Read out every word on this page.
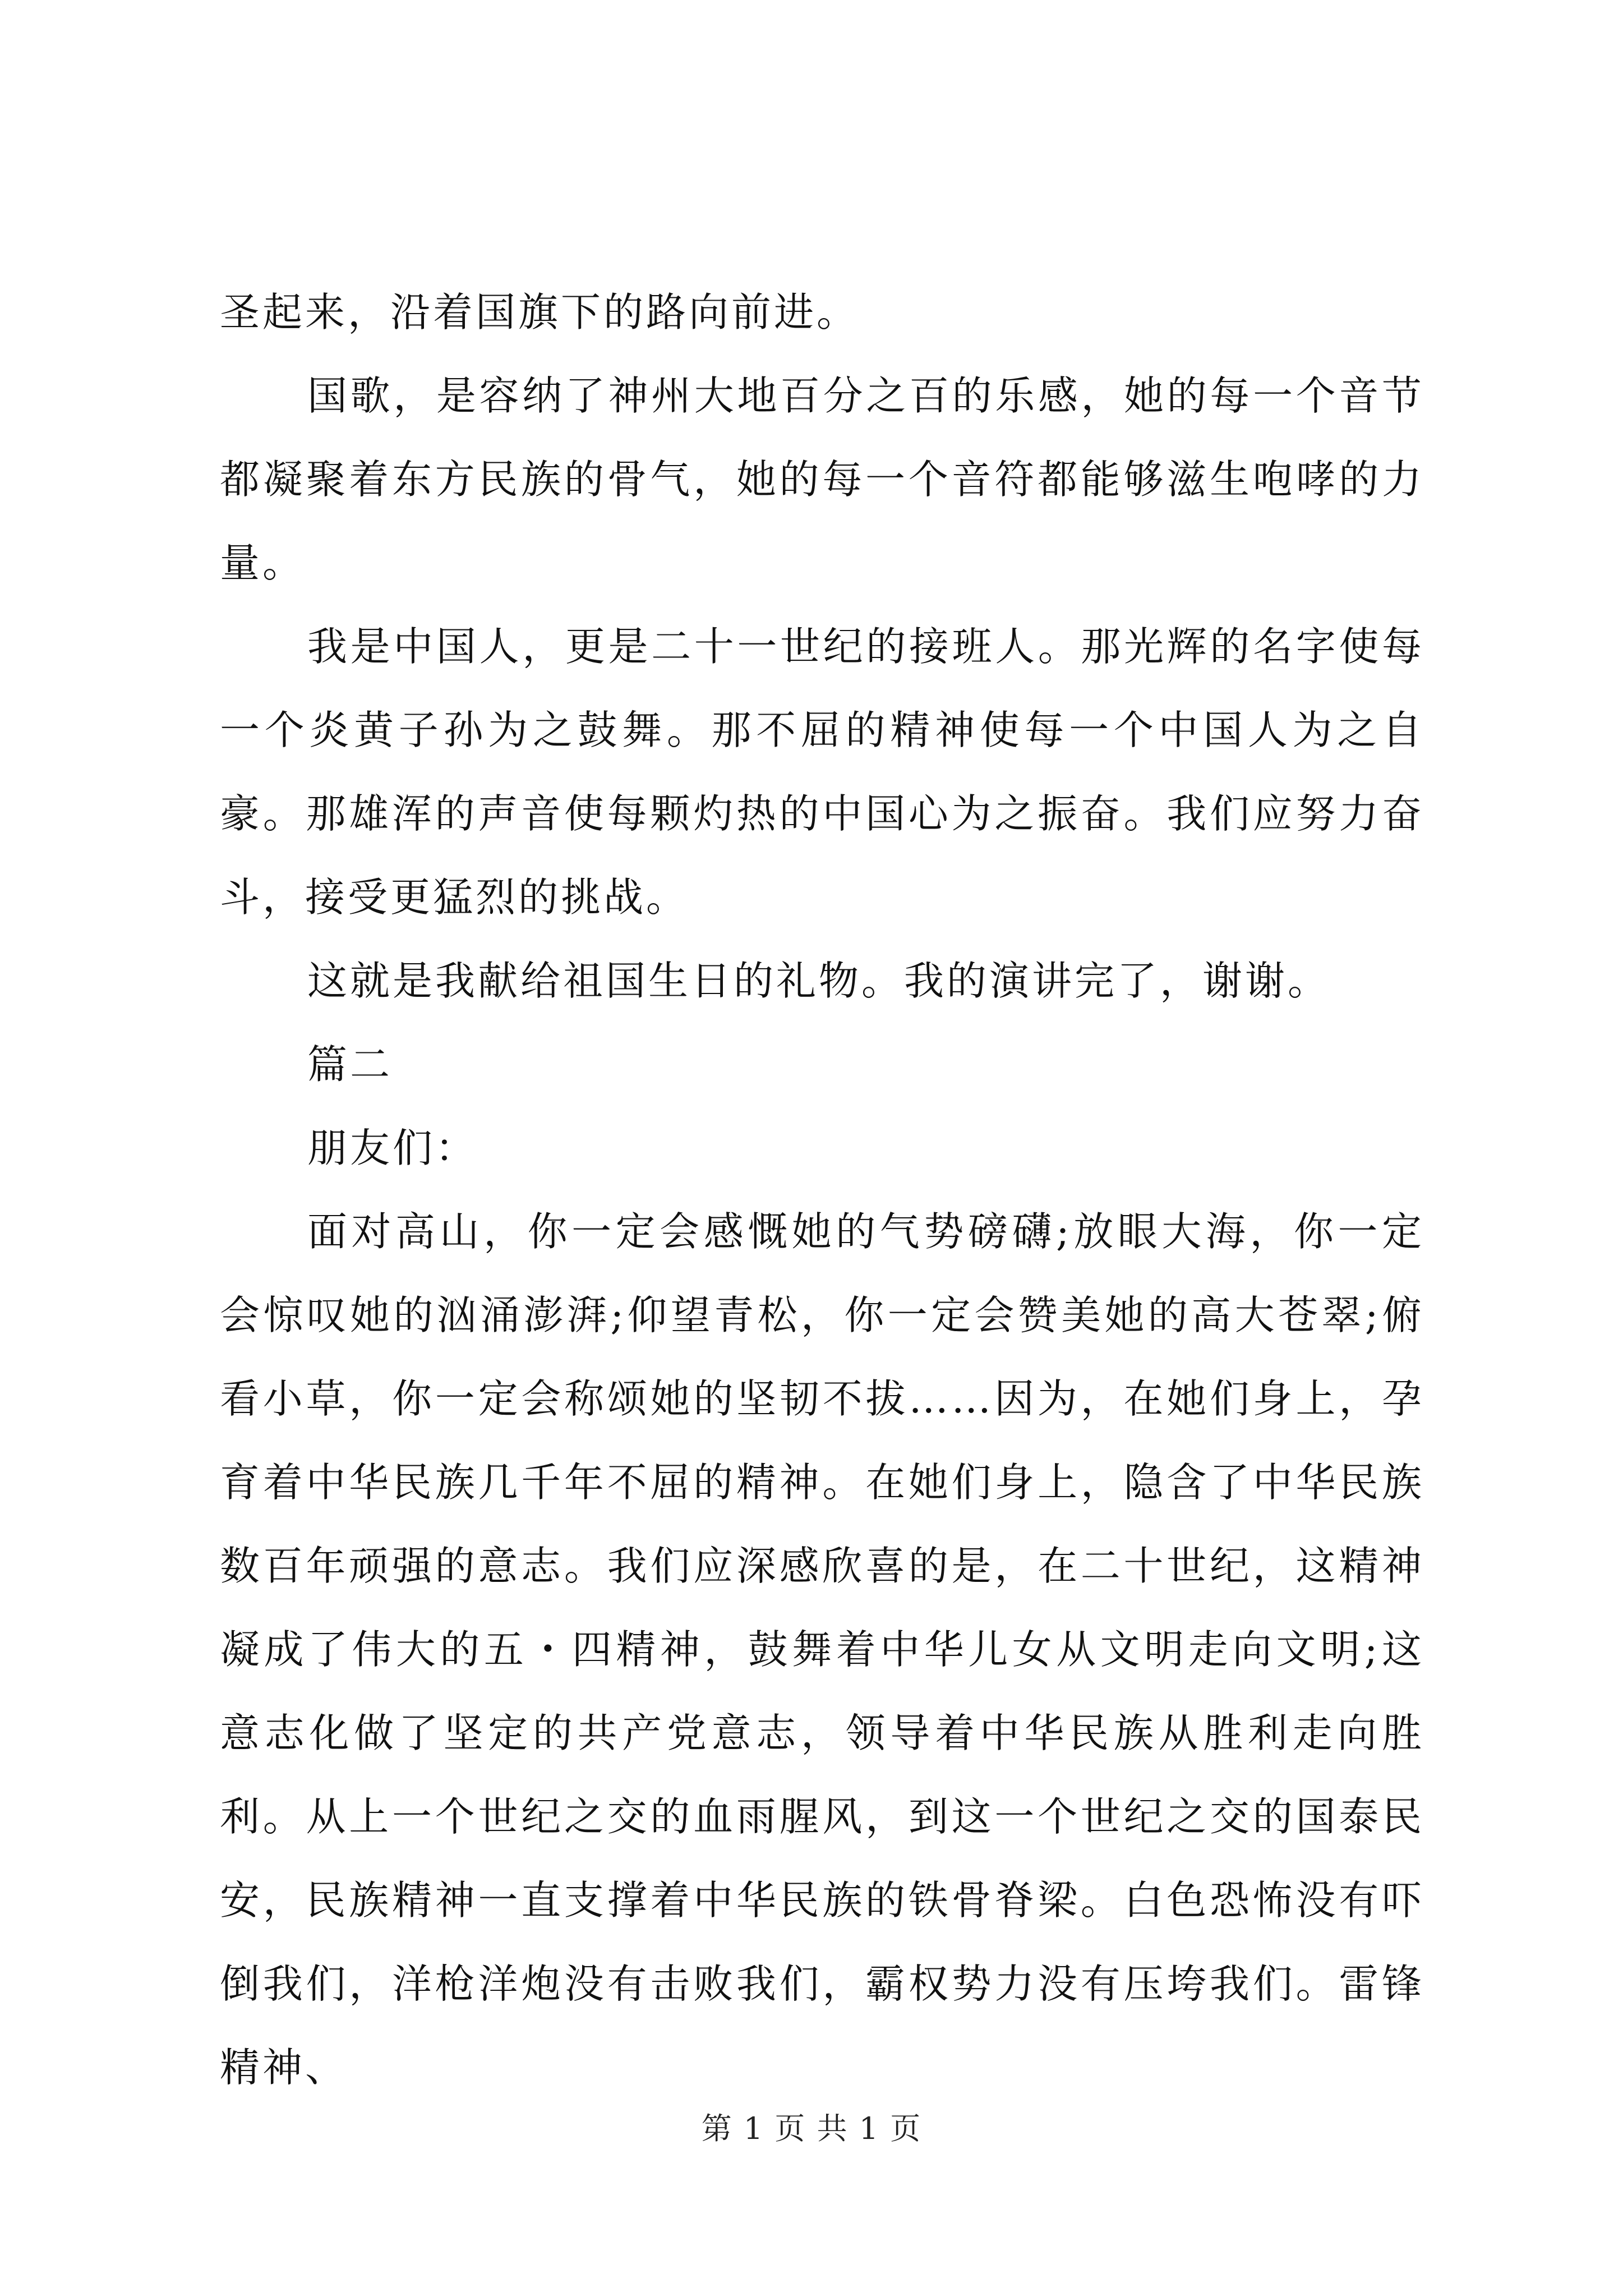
圣起来，沿着国旗下的路向前进。

国歌，是容纳了神州大地百分之百的乐感，她的每一个音节都凝聚着东方民族的骨气，她的每一个音符都能够滋生咆哮的力量。

我是中国人，更是二十一世纪的接班人。那光辉的名字使每一个炎黄子孙为之鼓舞。那不屈的精神使每一个中国人为之自豪。那雄浑的声音使每颗灼热的中国心为之振奋。我们应努力奋斗，接受更猛烈的挑战。

这就是我献给祖国生日的礼物。我的演讲完了，谢谢。

篇二

朋友们：

面对高山，你一定会感慨她的气势磅礴;放眼大海，你一定会惊叹她的汹涌澎湃;仰望青松，你一定会赞美她的高大苍翠;俯看小草，你一定会称颂她的坚韧不拔……因为，在她们身上，孕育着中华民族几千年不屈的精神。在她们身上，隐含了中华民族数百年顽强的意志。我们应深感欣喜的是，在二十世纪，这精神凝成了伟大的五・四精神，鼓舞着中华儿女从文明走向文明;这意志化做了坚定的共产党意志，领导着中华民族从胜利走向胜利。从上一个世纪之交的血雨腥风，到这一个世纪之交的国泰民安，民族精神一直支撑着中华民族的铁骨脊梁。白色恐怖没有吓倒我们，洋枪洋炮没有击败我们，霸权势力没有压垮我们。雷锋精神、

第 1 页 共 1 页
